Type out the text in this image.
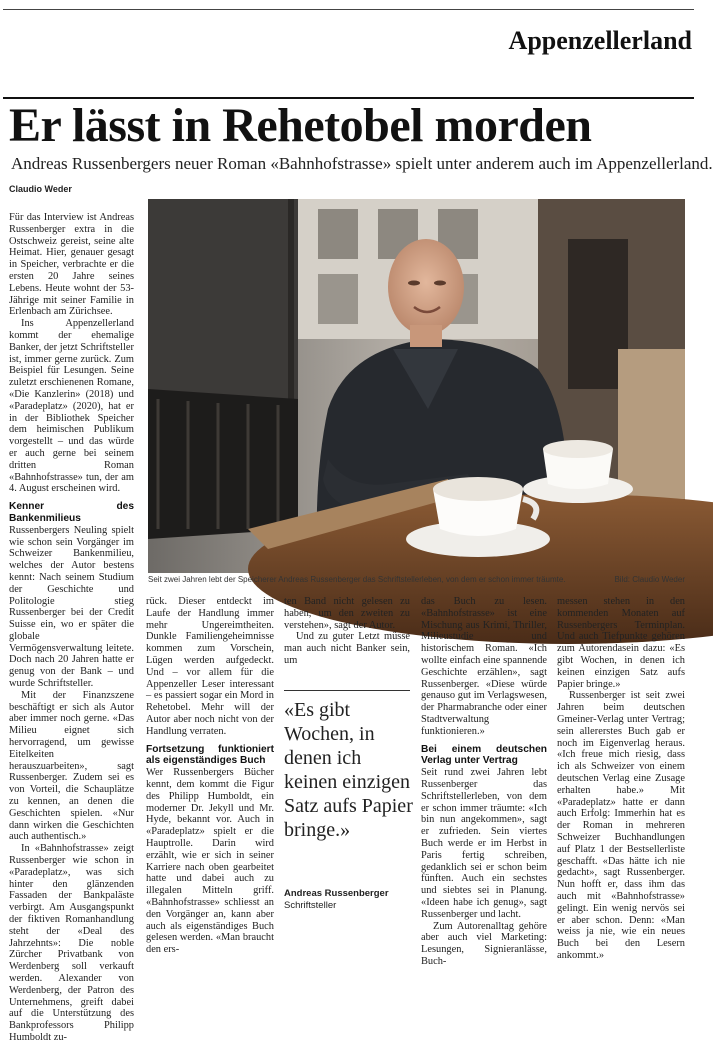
Appenzellerland
Er lässt in Rehetobel morden
Andreas Russenbergers neuer Roman «Bahnhofstrasse» spielt unter anderem auch im Appenzellerland.
Claudio Weder

Für das Interview ist Andreas Russenberger extra in die Ostschweiz gereist, seine alte Heimat. Hier, genauer gesagt in Speicher, verbrachte er die ersten 20 Jahre seines Lebens. Heute wohnt der 53-Jährige mit seiner Familie in Erlenbach am Zürichsee.

Ins Appenzellerland kommt der ehemalige Banker, der jetzt Schriftsteller ist, immer gerne zurück. Zum Beispiel für Lesungen. Seine zuletzt erschienenen Romane, «Die Kanzlerin» (2018) und «Paradeplatz» (2020), hat er in der Bibliothek Speicher dem heimischen Publikum vorgestellt – und das würde er auch gerne bei seinem dritten Roman «Bahnhofstrasse» tun, der am 4. August erscheinen wird.

Kenner des Bankenmilieus

Russenbergers Neuling spielt wie schon sein Vorgänger im Schweizer Bankenmilieu, welches der Autor bestens kennt: Nach seinem Studium der Geschichte und Politologie stieg Russenberger bei der Credit Suisse ein, wo er später die globale Vermögensverwaltung leitete. Doch nach 20 Jahren hatte er genug von der Bank – und wurde Schriftsteller.

Mit der Finanzszene beschäftigt er sich als Autor aber immer noch gerne. «Das Milieu eignet sich hervorragend, um gewisse Eitelkeiten herauszuarbeiten», sagt Russenberger. Zudem sei es von Vorteil, die Schauplätze zu kennen, an denen die Geschichten spielen. «Nur dann wirken die Geschichten auch authentisch.»

In «Bahnhofstrasse» zeigt Russenberger wie schon in «Paradeplatz», was sich hinter den glänzenden Fassaden der Bankpaläste verbirgt. Am Ausgangspunkt der fiktiven Romanhandlung steht der «Deal des Jahrzehnts»: Die noble Zürcher Privatbank von Werdenberg soll verkauft werden. Alexander von Werdenberg, der Patron des Unternehmens, greift dabei auf die Unterstützung des Bankprofessors Philipp Humboldt zu-

Seit zwei Jahren lebt der Speicherer Andreas Russenberger das Schriftstellerleben, von dem er schon immer träumte.	Bild: Claudio Weder

rück. Dieser entdeckt im Laufe der Handlung immer mehr Ungereimtheiten. Dunkle Familiengeheimnisse kommen zum Vorschein, Lügen werden aufgedeckt. Und – vor allem für die Appenzeller Leser interessant – es passiert sogar ein Mord in Rehetobel. Mehr will der Autor aber noch nicht von der Handlung verraten.

Fortsetzung funktioniert als eigenständiges Buch

Wer Russenbergers Bücher kennt, dem kommt die Figur des Philipp Humboldt, ein moderner Dr. Jekyll und Mr. Hyde, bekannt vor. Auch in «Paradeplatz» spielt er die Hauptrolle. Darin wird erzählt, wie er sich in seiner Karriere nach oben gearbeitet hatte und dabei auch zu illegalen Mitteln griff. «Bahnhofstrasse» schliesst an den Vorgänger an, kann aber auch als eigenständiges Buch gelesen werden. «Man braucht den ers-

ten Band nicht gelesen zu haben, um den zweiten zu verstehen», sagt der Autor.

Und zu guter Letzt müsse man auch nicht Banker sein, um

«Es gibt Wochen, in denen ich keinen einzigen Satz aufs Papier bringe.»
Andreas Russenberger
Schriftsteller

das Buch zu lesen. «Bahnhofstrasse» ist eine Mischung aus Krimi, Thriller, Milieustudie und historischem Roman. «Ich wollte einfach eine spannende Geschichte erzählen», sagt Russenberger. «Diese würde genauso gut im Verlagswesen, der Pharmabranche oder einer Stadtverwaltung funktionieren.»

Bei einem deutschen Verlag unter Vertrag

Seit rund zwei Jahren lebt Russenberger das Schriftstellerleben, von dem er schon immer träumte: «Ich bin nun angekommen», sagt er zufrieden. Sein viertes Buch werde er im Herbst in Paris fertig schreiben, gedanklich sei er schon beim fünften. Auch ein sechstes und siebtes sei in Planung. «Ideen habe ich genug», sagt Russenberger und lacht.

Zum Autorenalltag gehöre aber auch viel Marketing: Lesungen, Signieranlässe, Buch-

messen stehen in den kommenden Monaten auf Russenbergers Terminplan. Und auch Tiefpunkte gehören zum Autorendasein dazu: «Es gibt Wochen, in denen ich keinen einzigen Satz aufs Papier bringe.»

Russenberger ist seit zwei Jahren beim deutschen Gmeiner-Verlag unter Vertrag; sein allererstes Buch gab er noch im Eigenverlag heraus. «Ich freue mich riesig, dass ich als Schweizer von einem deutschen Verlag eine Zusage erhalten habe.» Mit «Paradeplatz» hatte er dann auch Erfolg: Immerhin hat es der Roman in mehreren Schweizer Buchhandlungen auf Platz 1 der Bestsellerliste geschafft. «Das hätte ich nie gedacht», sagt Russenberger. Nun hofft er, dass ihm das auch mit «Bahnhofstrasse» gelingt. Ein wenig nervös sei er aber schon. Denn: «Man weiss ja nie, wie ein neues Buch bei den Lesern ankommt.»
